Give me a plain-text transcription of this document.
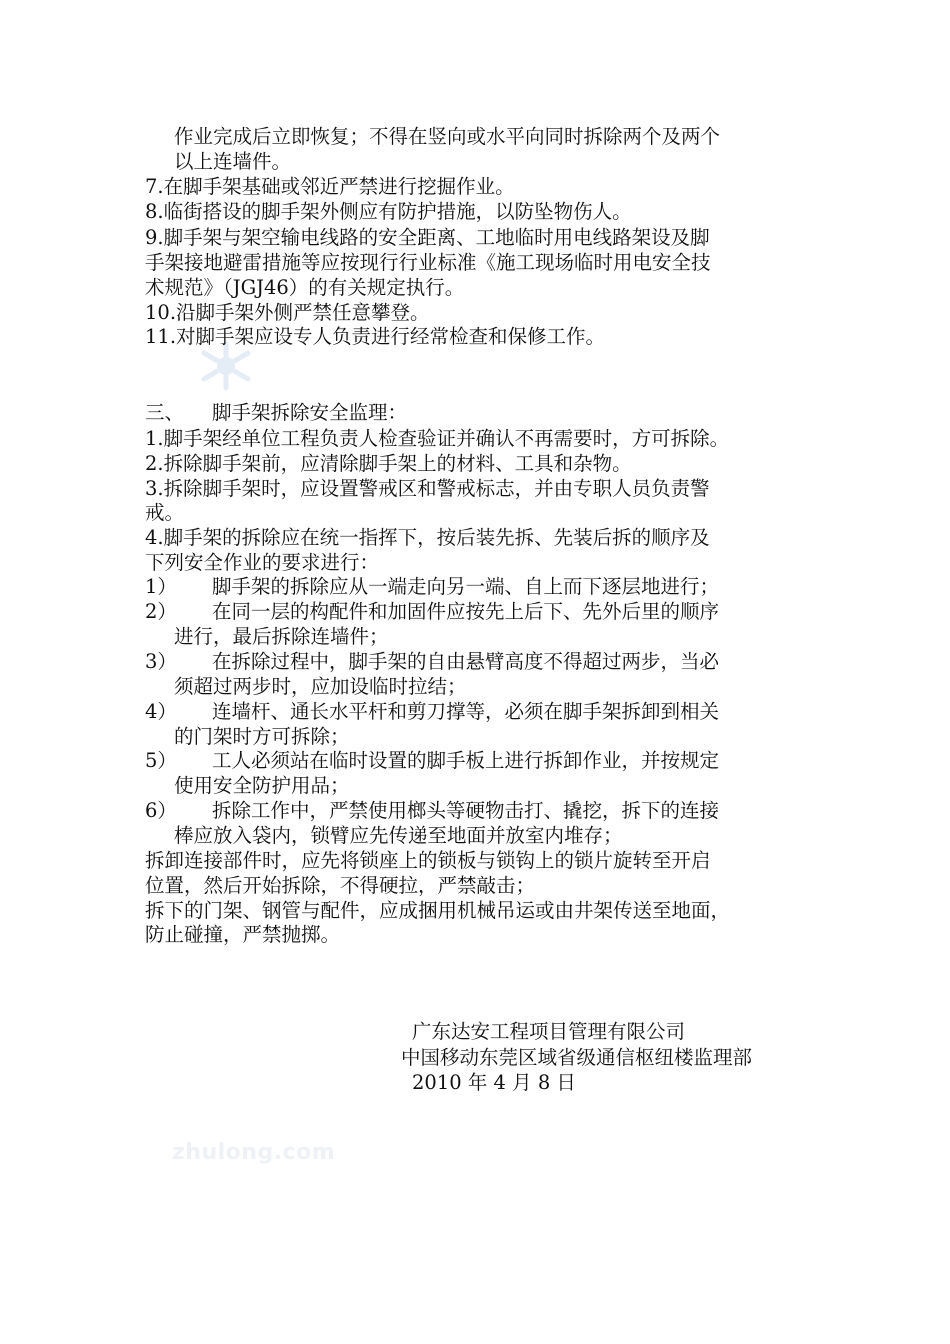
zhulong.com
作业完成后立即恢复；不得在竖向或水平向同时拆除两个及两个
以上连墙件。
7.在脚手架基础或邻近严禁进行挖掘作业。
8.临街搭设的脚手架外侧应有防护措施，以防坠物伤人。
9.脚手架与架空输电线路的安全距离、工地临时用电线路架设及脚
手架接地避雷措施等应按现行行业标准《施工现场临时用电安全技
术规范》（JGJ46）的有关规定执行。
10.沿脚手架外侧严禁任意攀登。
11.对脚手架应设专人负责进行经常检查和保修工作。
三、 脚手架拆除安全监理：
1.脚手架经单位工程负责人检查验证并确认不再需要时，方可拆除。
2.拆除脚手架前，应清除脚手架上的材料、工具和杂物。
3.拆除脚手架时，应设置警戒区和警戒标志，并由专职人员负责警
戒。
4.脚手架的拆除应在统一指挥下，按后装先拆、先装后拆的顺序及
下列安全作业的要求进行：
1） 脚手架的拆除应从一端走向另一端、自上而下逐层地进行；
2） 在同一层的构配件和加固件应按先上后下、先外后里的顺序
进行，最后拆除连墙件；
3） 在拆除过程中，脚手架的自由悬臂高度不得超过两步，当必
须超过两步时，应加设临时拉结；
4） 连墙杆、通长水平杆和剪刀撑等，必须在脚手架拆卸到相关
的门架时方可拆除；
5） 工人必须站在临时设置的脚手板上进行拆卸作业，并按规定
使用安全防护用品；
6） 拆除工作中，严禁使用榔头等硬物击打、撬挖，拆下的连接
棒应放入袋内，锁臂应先传递至地面并放室内堆存；
拆卸连接部件时，应先将锁座上的锁板与锁钩上的锁片旋转至开启
位置，然后开始拆除，不得硬拉，严禁敲击；
拆下的门架、钢管与配件，应成捆用机械吊运或由井架传送至地面，
防止碰撞，严禁抛掷。
广东达安工程项目管理有限公司
中国移动东莞区域省级通信枢纽楼监理部
2010 年 4 月 8 日
